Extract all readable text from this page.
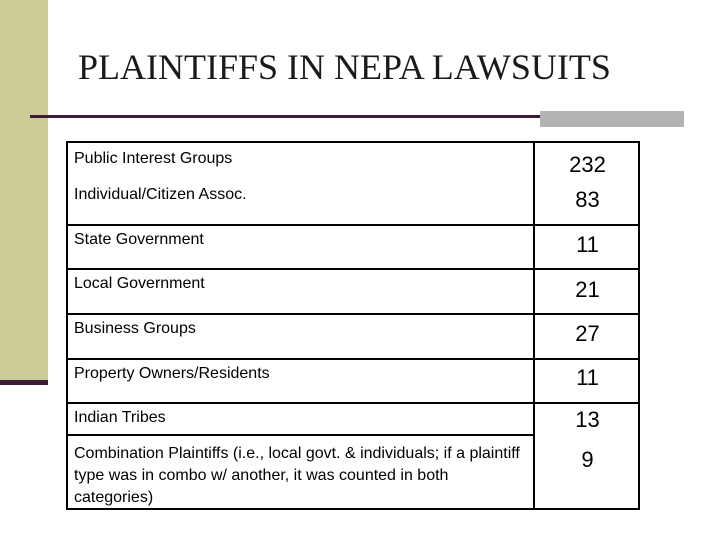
PLAINTIFFS IN NEPA LAWSUITS
Public Interest Groups
Individual/Citizen Assoc.
State Government
Local Government
Business Groups
Property Owners/Residents
Indian Tribes
Combination Plaintiffs (i.e., local govt. & individuals; if a plaintiff type was in combo w/ another, it was counted in both categories)
232
83
11
21
27
11
13
9
